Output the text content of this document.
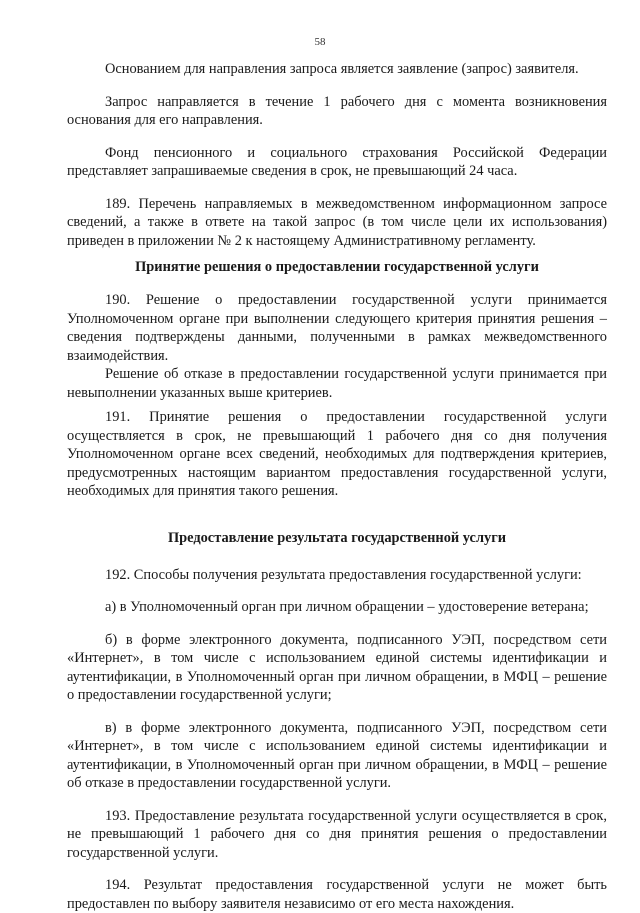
58

Основанием для направления запроса является заявление (запрос) заявителя.

Запрос направляется в течение 1 рабочего дня с момента возникновения основания для его направления.

Фонд пенсионного и социального страхования Российской Федерации представляет запрашиваемые сведения в срок, не превышающий 24 часа.

189. Перечень направляемых в межведомственном информационном запросе сведений, а также в ответе на такой запрос (в том числе цели их использования) приведен в приложении № 2 к настоящему Административному регламенту.

Принятие решения о предоставлении государственной услуги

190. Решение о предоставлении государственной услуги принимается Уполномоченном органе при выполнении следующего критерия принятия решения – сведения подтверждены данными, полученными в рамках межведомственного взаимодействия.

Решение об отказе в предоставлении государственной услуги принимается при невыполнении указанных выше критериев.

191. Принятие решения о предоставлении государственной услуги осуществляется в срок, не превышающий 1 рабочего дня со дня получения Уполномоченном органе всех сведений, необходимых для подтверждения критериев, предусмотренных настоящим вариантом предоставления государственной услуги, необходимых для принятия такого решения.

Предоставление результата государственной услуги

192. Способы получения результата предоставления государственной услуги:

а) в Уполномоченный орган при личном обращении – удостоверение ветерана;

б) в форме электронного документа, подписанного УЭП, посредством сети «Интернет», в том числе с использованием единой системы идентификации и аутентификации, в Уполномоченный орган при личном обращении, в МФЦ – решение о предоставлении государственной услуги;

в) в форме электронного документа, подписанного УЭП, посредством сети «Интернет», в том числе с использованием единой системы идентификации и аутентификации, в Уполномоченный орган при личном обращении, в МФЦ – решение об отказе в предоставлении государственной услуги.

193. Предоставление результата государственной услуги осуществляется в срок, не превышающий 1 рабочего дня со дня принятия решения о предоставлении государственной услуги.

194. Результат предоставления государственной услуги не может быть предоставлен по выбору заявителя независимо от его места нахождения.
